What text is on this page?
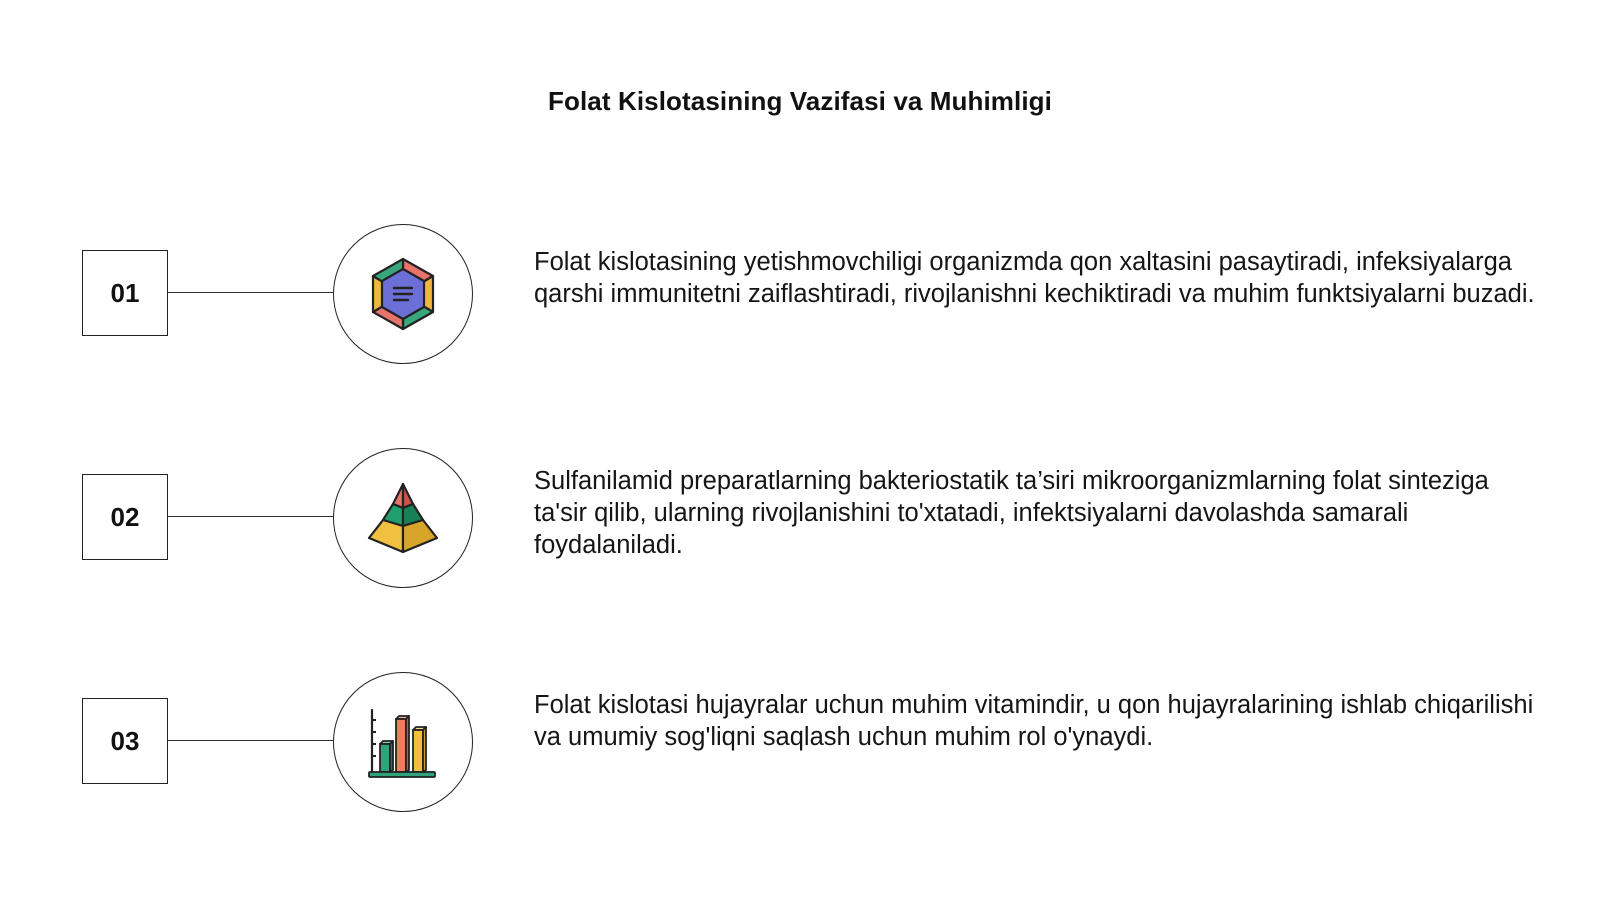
Folat Kislotasining Vazifasi va Muhimligi
01
Folat kislotasining yetishmovchiligi organizmda qon xaltasini pasaytiradi, infeksiyalarga qarshi immunitetni zaiflashtiradi, rivojlanishni kechiktiradi va muhim funktsiyalarni buzadi.
02
Sulfanilamid preparatlarning bakteriostatik ta’siri mikroorganizmlarning folat sinteziga ta'sir qilib, ularning rivojlanishini to'xtatadi, infektsiyalarni davolashda samarali foydalaniladi.
03
Folat kislotasi hujayralar uchun muhim vitamindir, u qon hujayralarining ishlab chiqarilishi va umumiy sog'liqni saqlash uchun muhim rol o'ynaydi.
